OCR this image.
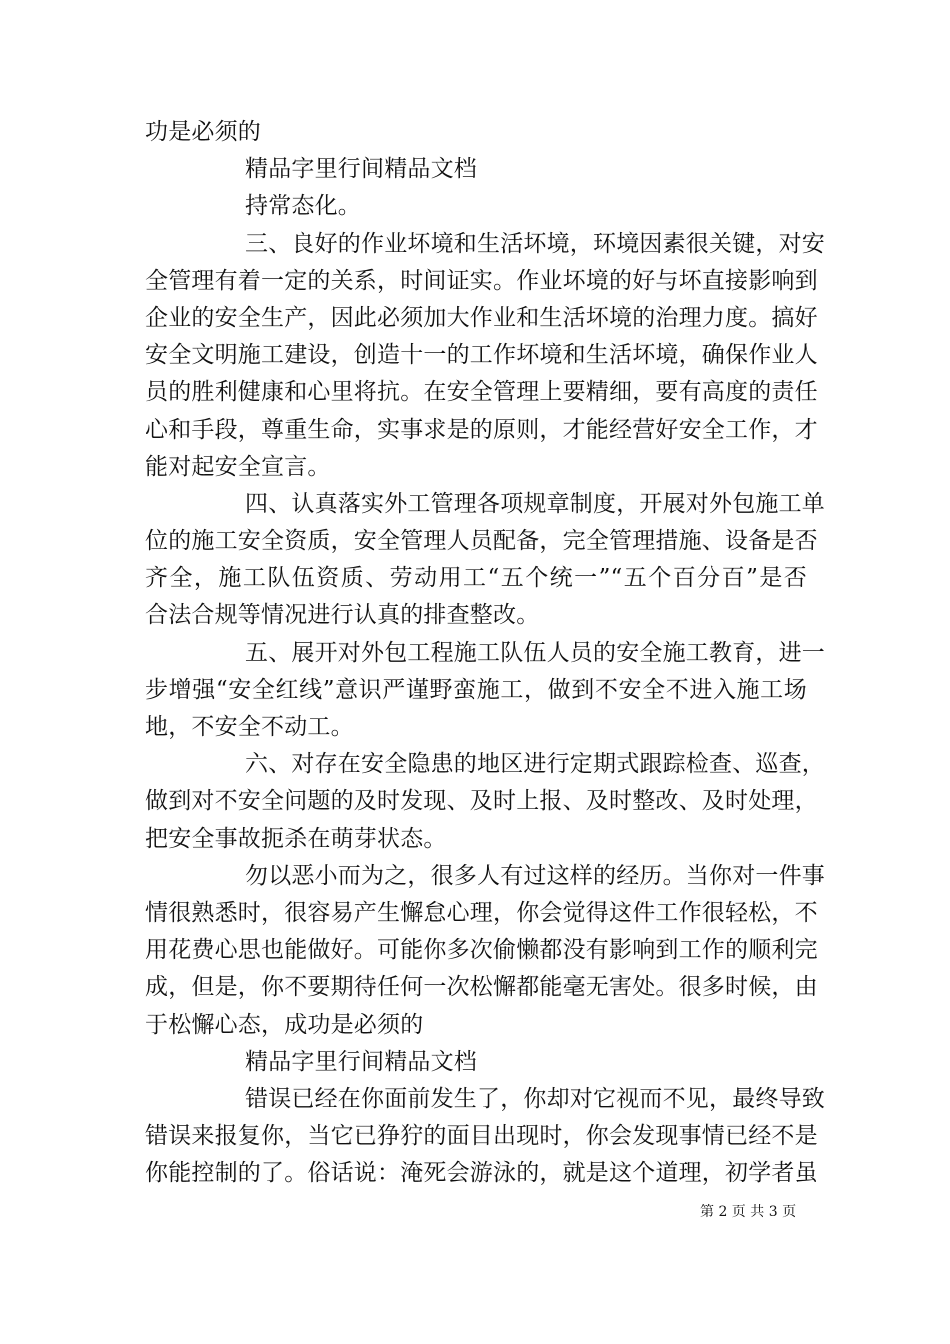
功是必须的
精品字里行间精品文档
持常态化。
三、良好的作业坏境和生活坏境，环境因素很关键，对安
全管理有着一定的关系，时间证实。作业坏境的好与坏直接影响到
企业的安全生产，因此必须加大作业和生活坏境的治理力度。搞好
安全文明施工建设，创造十一的工作坏境和生活坏境，确保作业人
员的胜利健康和心里将抗。在安全管理上要精细，要有高度的责任
心和手段，尊重生命，实事求是的原则，才能经营好安全工作，才
能对起安全宣言。
四、认真落实外工管理各项规章制度，开展对外包施工单
位的施工安全资质，安全管理人员配备，完全管理措施、设备是否
齐全，施工队伍资质、劳动用工“五个统一”“五个百分百”是否
合法合规等情况进行认真的排查整改。
五、展开对外包工程施工队伍人员的安全施工教育，进一
步增强“安全红线”意识严谨野蛮施工，做到不安全不进入施工场
地，不安全不动工。
六、对存在安全隐患的地区进行定期式跟踪检查、巡查，
做到对不安全问题的及时发现、及时上报、及时整改、及时处理，
把安全事故扼杀在萌芽状态。
勿以恶小而为之，很多人有过这样的经历。当你对一件事
情很熟悉时，很容易产生懈怠心理，你会觉得这件工作很轻松，不
用花费心思也能做好。可能你多次偷懒都没有影响到工作的顺利完
成，但是，你不要期待任何一次松懈都能毫无害处。很多时候，由
于松懈心态，成功是必须的
精品字里行间精品文档
错误已经在你面前发生了，你却对它视而不见，最终导致
错误来报复你，当它已狰狞的面目出现时，你会发现事情已经不是
你能控制的了。俗话说：淹死会游泳的，就是这个道理，初学者虽
第 2 页 共 3 页
